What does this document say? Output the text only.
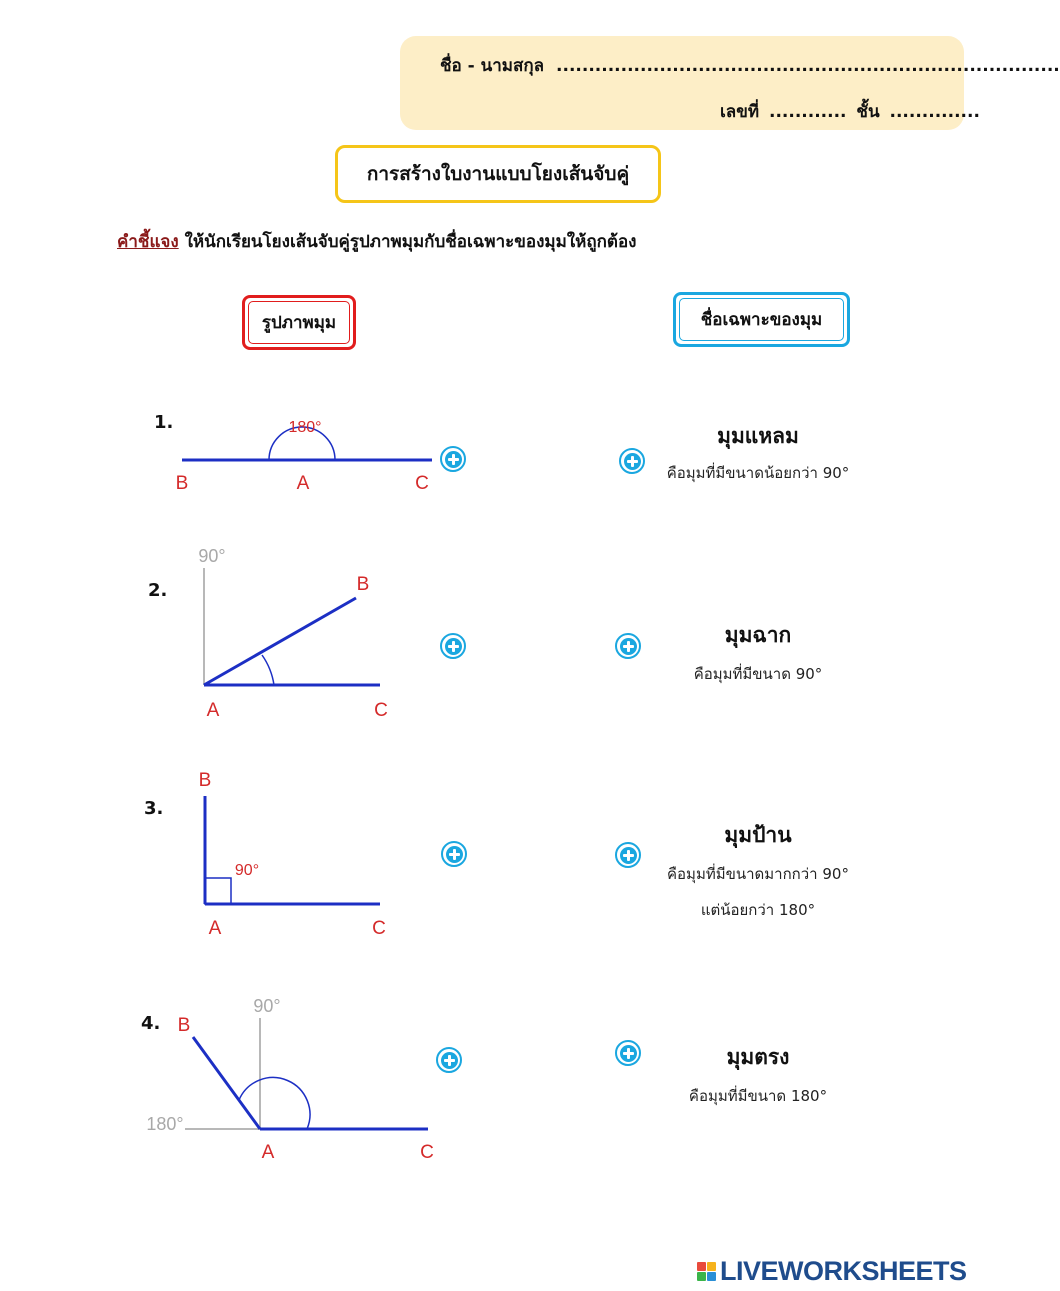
ชื่อ - นามสกุล ..............................................................................
เลขที่ ............ ชั้น ..............
การสร้างใบงานแบบโยงเส้นจับคู่
คำชี้แจง ให้นักเรียนโยงเส้นจับคู่รูปภาพมุมกับชื่อเฉพาะของมุมให้ถูกต้อง
รูปภาพมุม	ชื่อเฉพาะของมุม
1.
2.
3.
4.
180°
B	A	C
90°
B
A	C
90°
B
A	C
90°
180°
B
A	C
มุมแหลม
คือมุมที่มีขนาดน้อยกว่า 90°
มุมฉาก
คือมุมที่มีขนาด 90°
มุมป้าน
คือมุมที่มีขนาดมากกว่า 90°
แต่น้อยกว่า 180°
มุมตรง
คือมุมที่มีขนาด 180°
LIVEWORKSHEETS
